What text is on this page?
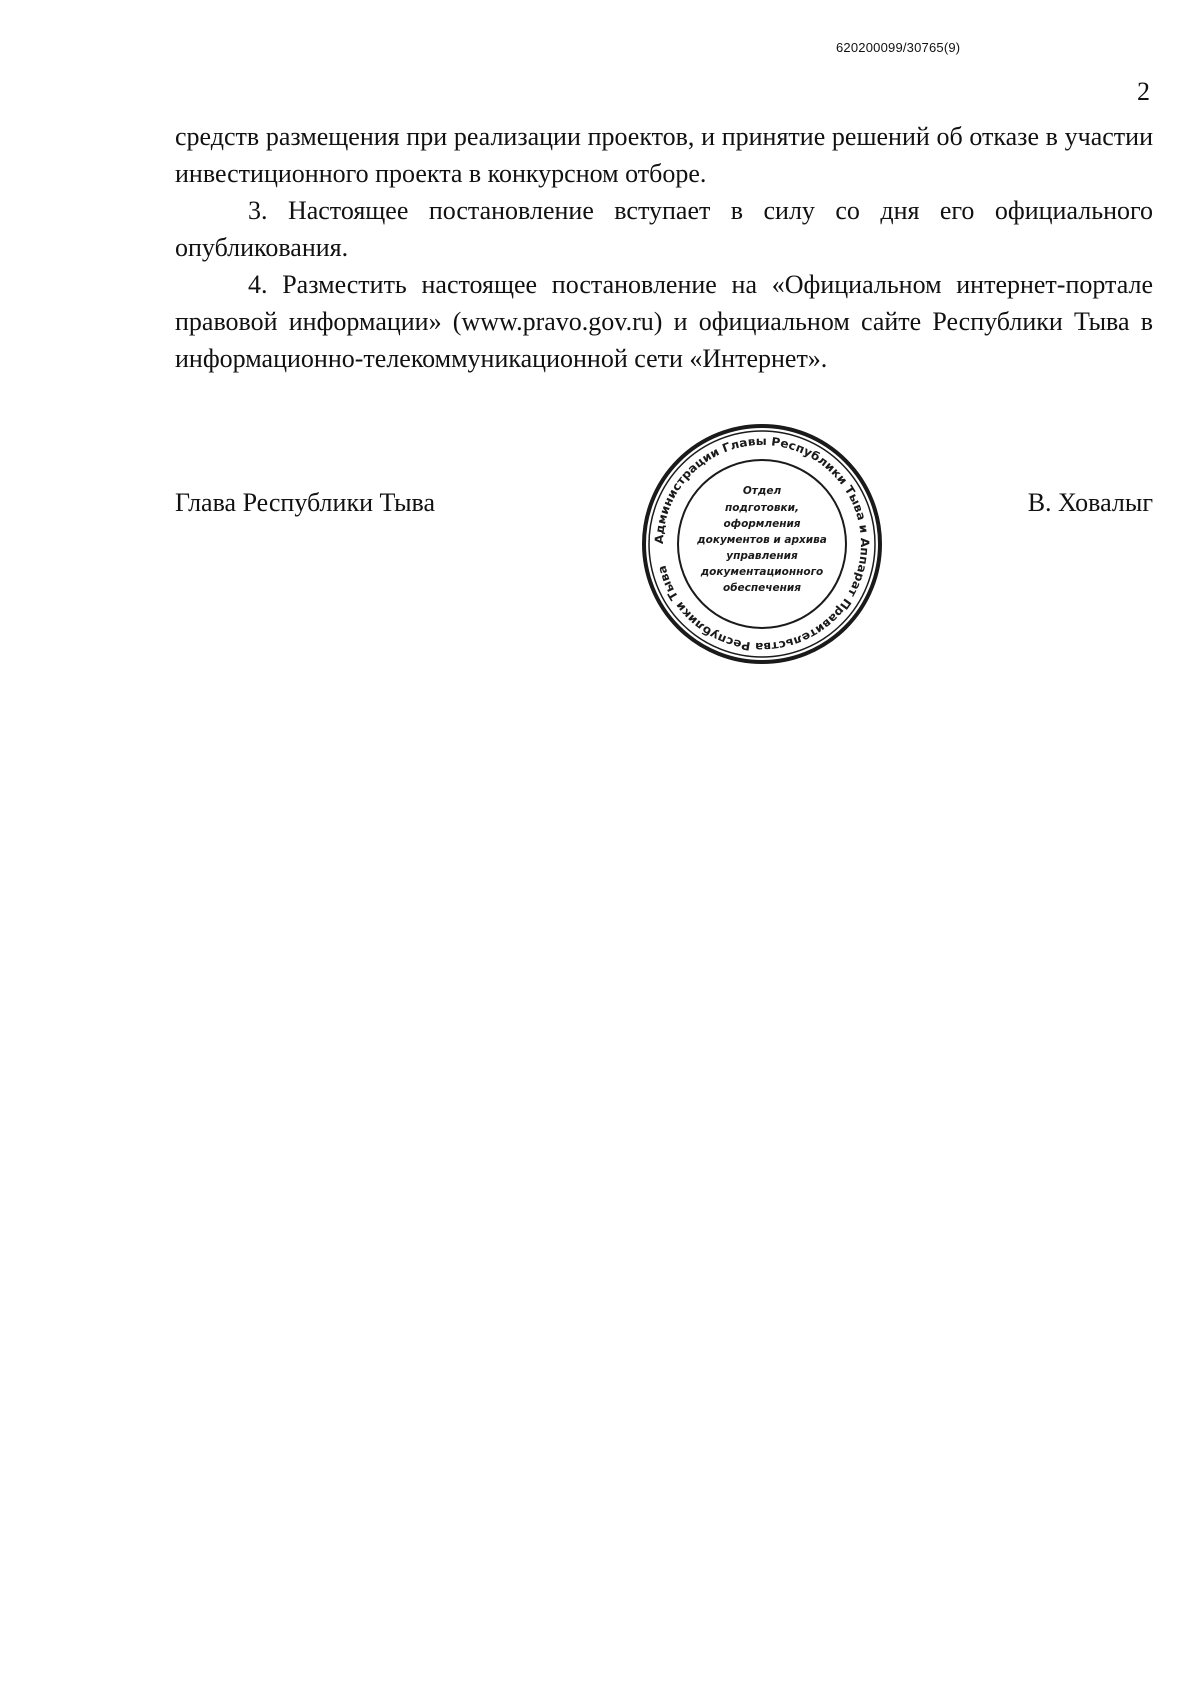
620200099/30765(9)
2

средств размещения при реализации проектов, и принятие решений об отказе в участии инвестиционного проекта в конкурсном отборе.

3. Настоящее постановление вступает в силу со дня его официального опубликования.

4. Разместить настоящее постановление на «Официальном интернет-портале правовой информации» (www.pravo.gov.ru) и официальном сайте Республики Тыва в информационно-телекоммуникационной сети «Интернет».

Глава Республики Тыва	В. Ховалыг
Администрации Главы Республики Тыва и Аппарат Правительства Республики Тыва
Отдел
подготовки,
оформления
документов и архива
управления
документационного
обеспечения
